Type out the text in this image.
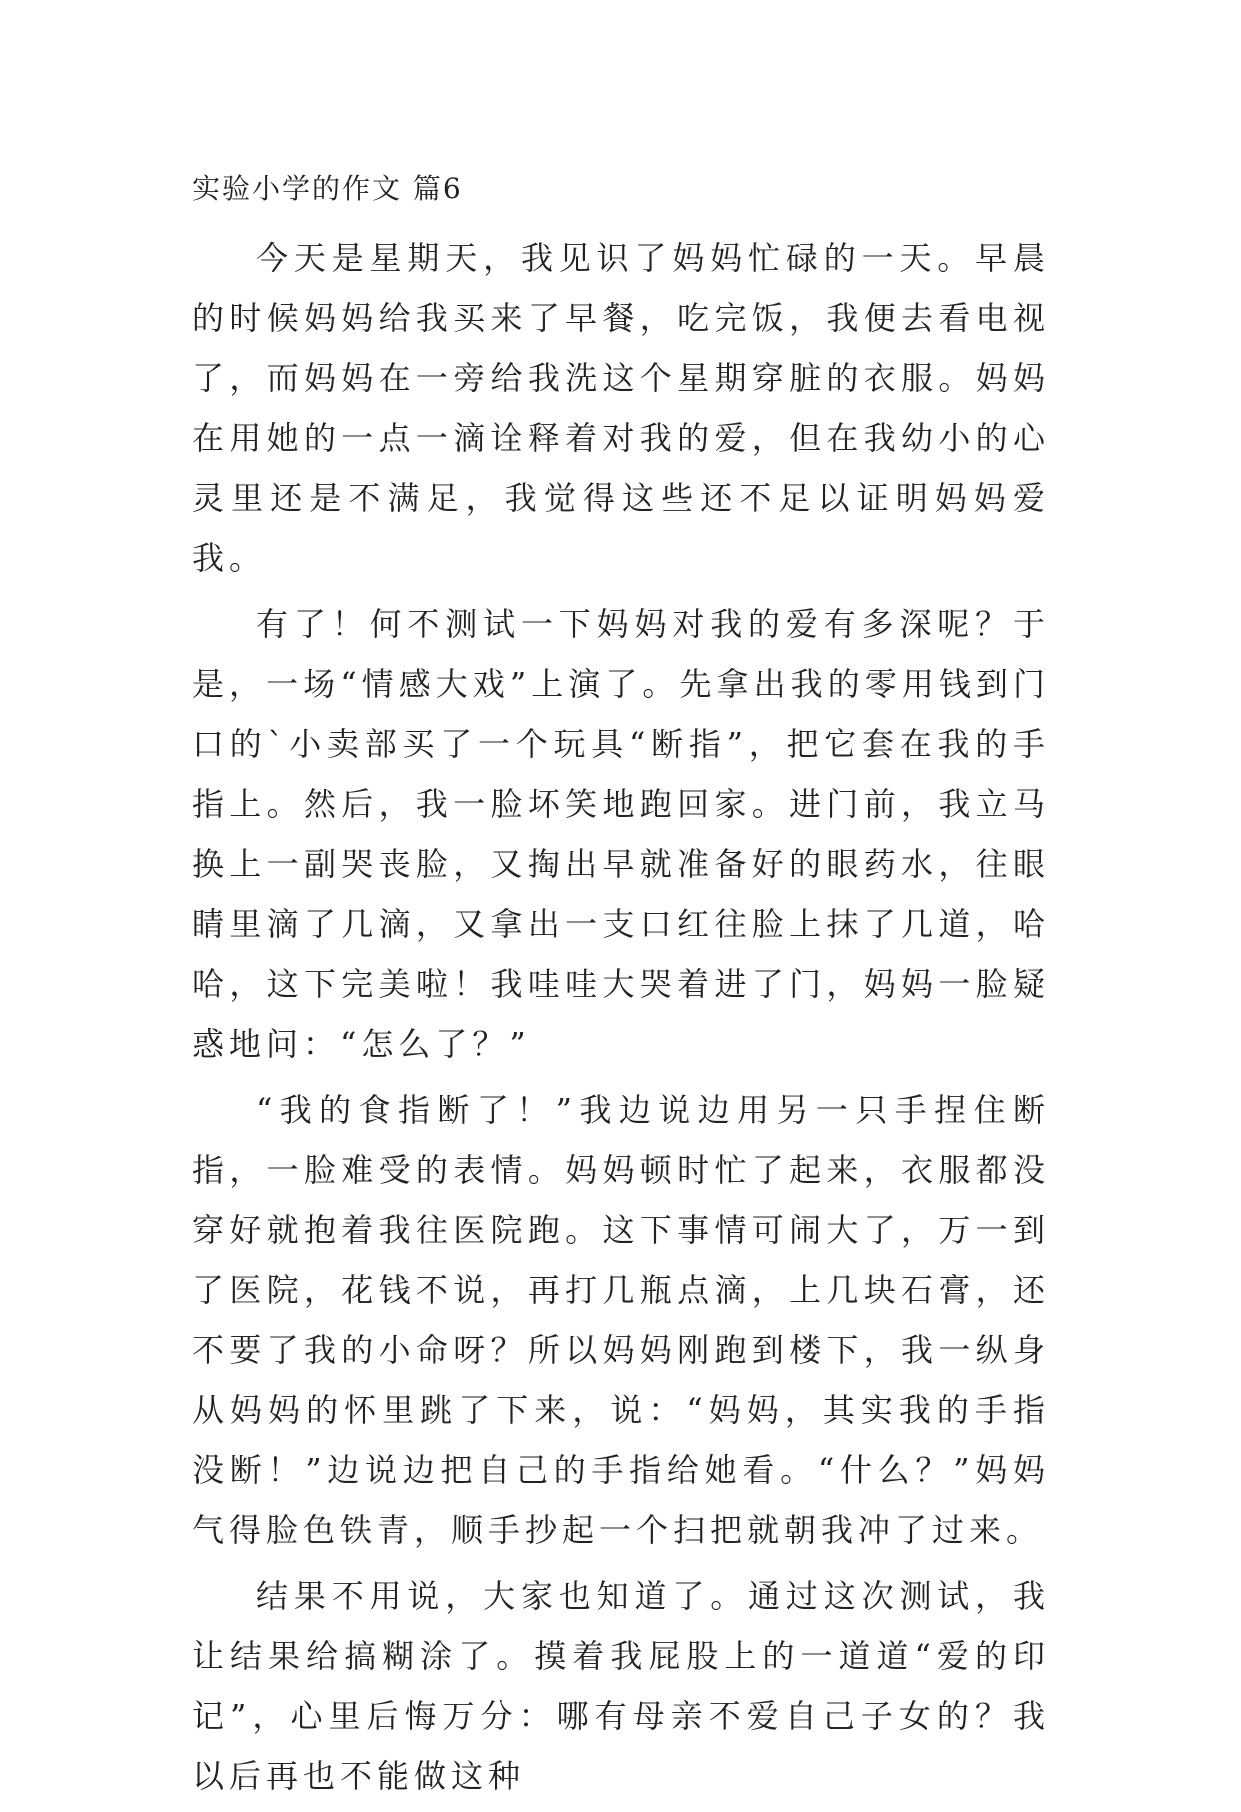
实验小学的作文 篇6

今天是星期天，我见识了妈妈忙碌的一天。早晨的时候妈妈给我买来了早餐，吃完饭，我便去看电视了，而妈妈在一旁给我洗这个星期穿脏的衣服。妈妈在用她的一点一滴诠释着对我的爱，但在我幼小的心灵里还是不满足，我觉得这些还不足以证明妈妈爱我。

有了！何不测试一下妈妈对我的爱有多深呢？于是，一场“情感大戏”上演了。先拿出我的零用钱到门口的`小卖部买了一个玩具“断指”，把它套在我的手指上。然后，我一脸坏笑地跑回家。进门前，我立马换上一副哭丧脸，又掏出早就准备好的眼药水，往眼睛里滴了几滴，又拿出一支口红往脸上抹了几道，哈哈，这下完美啦！我哇哇大哭着进了门，妈妈一脸疑惑地问：“怎么了？”

“我的食指断了！”我边说边用另一只手捏住断指，一脸难受的表情。妈妈顿时忙了起来，衣服都没穿好就抱着我往医院跑。这下事情可闹大了，万一到了医院，花钱不说，再打几瓶点滴，上几块石膏，还不要了我的小命呀？所以妈妈刚跑到楼下，我一纵身从妈妈的怀里跳了下来，说：“妈妈，其实我的手指没断！”边说边把自己的手指给她看。“什么？”妈妈气得脸色铁青，顺手抄起一个扫把就朝我冲了过来。

结果不用说，大家也知道了。通过这次测试，我让结果给搞糊涂了。摸着我屁股上的一道道“爱的印记”，心里后悔万分：哪有母亲不爱自己子女的？我以后再也不能做这种
